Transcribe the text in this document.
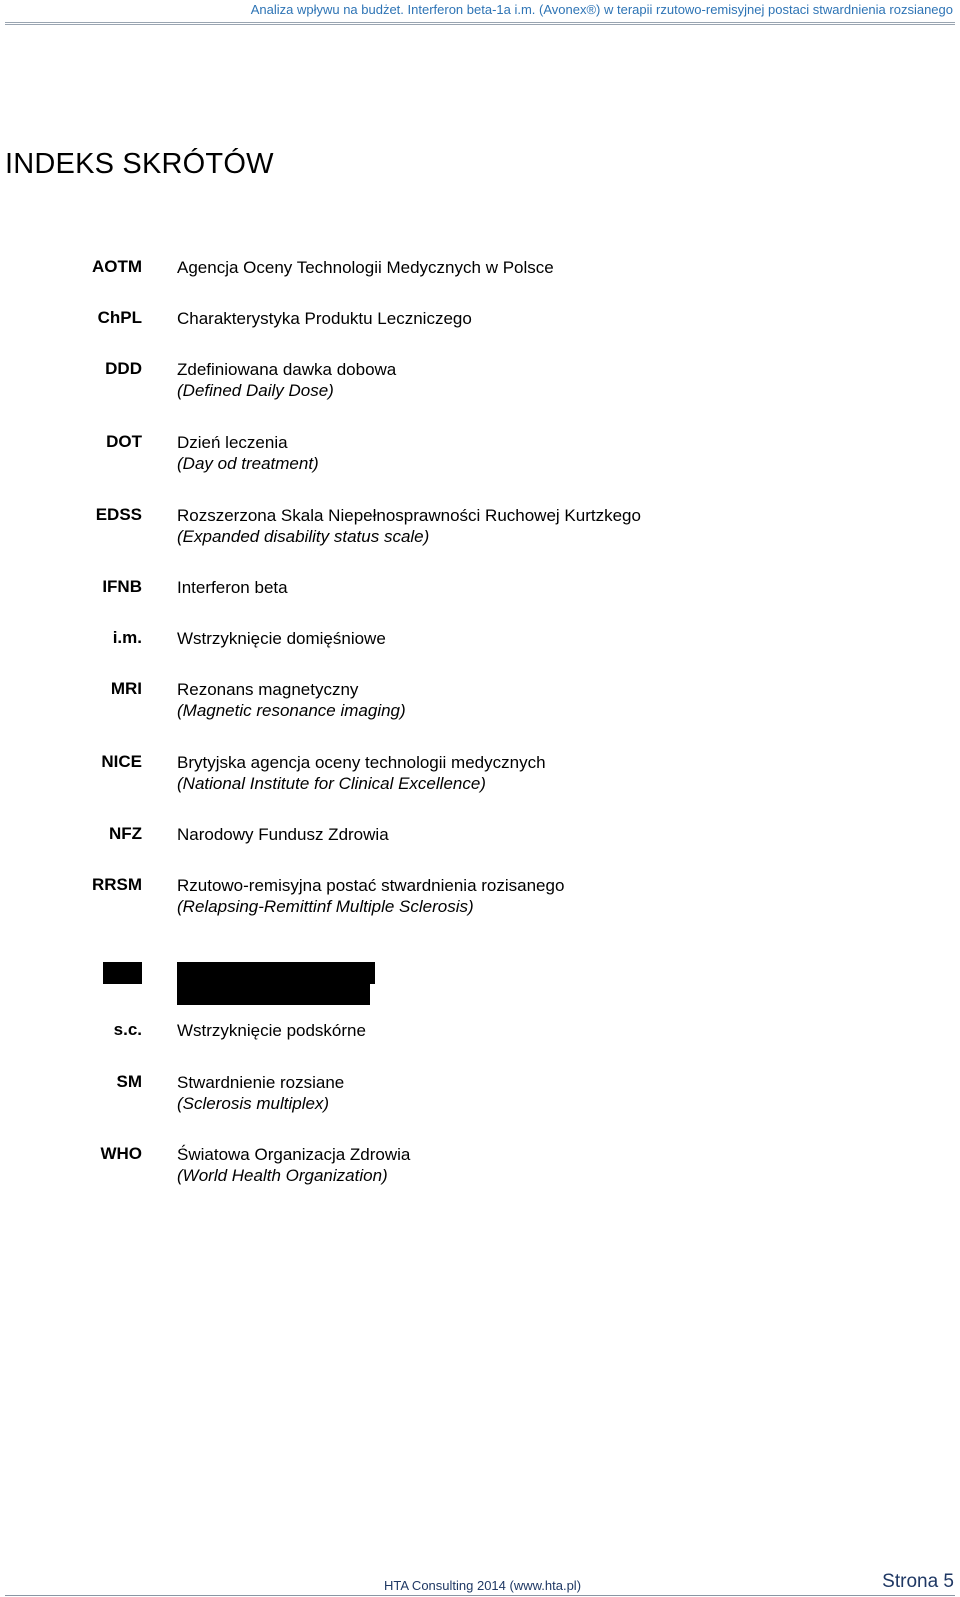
Analiza wpływu na budżet. Interferon beta-1a i.m. (Avonex®) w terapii rzutowo-remisyjnej postaci stwardnienia rozsianego
INDEKS SKRÓTÓW
AOTM Agencja Oceny Technologii Medycznych w Polsce
ChPL Charakterystyka Produktu Leczniczego
DDD Zdefiniowana dawka dobowa
(Defined Daily Dose)
DOT Dzień leczenia
(Day od treatment)
EDSS Rozszerzona Skala Niepełnosprawności Ruchowej Kurtzkego
(Expanded disability status scale)
IFNB Interferon beta
i.m. Wstrzyknięcie domięśniowe
MRI Rezonans magnetyczny
(Magnetic resonance imaging)
NICE Brytyjska agencja oceny technologii medycznych
(National Institute for Clinical Excellence)
NFZ Narodowy Fundusz Zdrowia
RRSM Rzutowo-remisyjna postać stwardnienia rozisanego
(Relapsing-Remittinf Multiple Sclerosis)
s.c. Wstrzyknięcie podskórne
SM Stwardnienie rozsiane
(Sclerosis multiplex)
WHO Światowa Organizacja Zdrowia
(World Health Organization)
HTA Consulting 2014 (www.hta.pl)	Strona 5
